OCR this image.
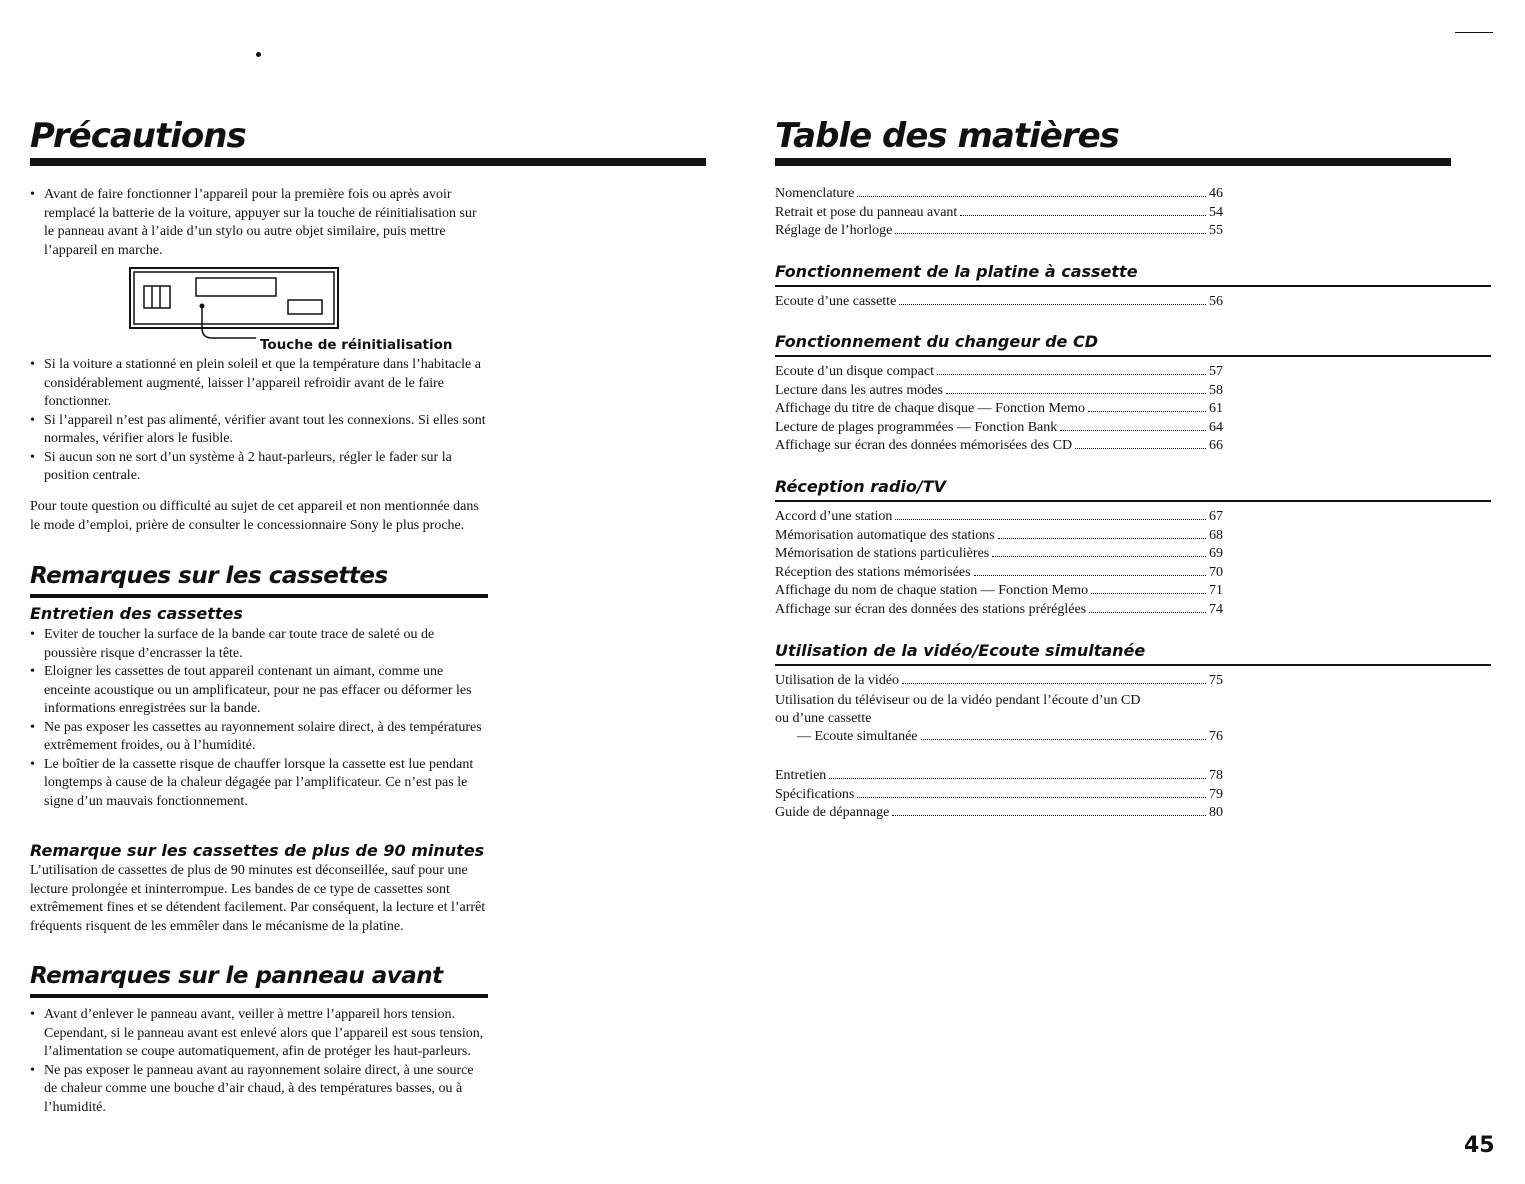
Précautions

• Avant de faire fonctionner l’appareil pour la première fois ou après avoir remplacé la batterie de la voiture, appuyer sur la touche de réinitialisation sur le panneau avant à l’aide d’un stylo ou autre objet similaire, puis mettre l’appareil en marche.

Touche de réinitialisation

• Si la voiture a stationné en plein soleil et que la température dans l’habitacle a considérablement augmenté, laisser l’appareil refroidir avant de le faire fonctionner.

• Si l’appareil n’est pas alimenté, vérifier avant tout les connexions. Si elles sont normales, vérifier alors le fusible.

• Si aucun son ne sort d’un système à 2 haut-parleurs, régler le fader sur la position centrale.

Pour toute question ou difficulté au sujet de cet appareil et non mentionnée dans le mode d’emploi, prière de consulter le concessionnaire Sony le plus proche.

Remarques sur les cassettes
Entretien des cassettes

• Eviter de toucher la surface de la bande car toute trace de saleté ou de poussière risque d’encrasser la tête.

• Eloigner les cassettes de tout appareil contenant un aimant, comme une enceinte acoustique ou un amplificateur, pour ne pas effacer ou déformer les informations enregistrées sur la bande.

• Ne pas exposer les cassettes au rayonnement solaire direct, à des températures extrêmement froides, ou à l’humidité.

• Le boîtier de la cassette risque de chauffer lorsque la cassette est lue pendant longtemps à cause de la chaleur dégagée par l’amplificateur. Ce n’est pas le signe d’un mauvais fonctionnement.

Remarque sur les cassettes de plus de 90 minutes

L’utilisation de cassettes de plus de 90 minutes est déconseillée, sauf pour une lecture prolongée et ininterrompue. Les bandes de ce type de cassettes sont extrêmement fines et se détendent facilement. Par conséquent, la lecture et l’arrêt fréquents risquent de les emmêler dans le mécanisme de la platine.

Remarques sur le panneau avant

• Avant d’enlever le panneau avant, veiller à mettre l’appareil hors tension. Cependant, si le panneau avant est enlevé alors que l’appareil est sous tension, l’alimentation se coupe automatiquement, afin de protéger les haut-parleurs.

• Ne pas exposer le panneau avant au rayonnement solaire direct, à une source de chaleur comme une bouche d’air chaud, à des températures basses, ou à l’humidité.

Table des matières
Nomenclature	46
Retrait et pose du panneau avant	54
Réglage de l’horloge	55
Fonctionnement de la platine à cassette
Ecoute d’une cassette	56
Fonctionnement du changeur de CD
Ecoute d’un disque compact	57
Lecture dans les autres modes	58
Affichage du titre de chaque disque — Fonction Memo	61
Lecture de plages programmées — Fonction Bank	64
Affichage sur écran des données mémorisées des CD	66
Réception radio/TV
Accord d’une station	67
Mémorisation automatique des stations	68
Mémorisation de stations particulières	69
Réception des stations mémorisées	70
Affichage du nom de chaque station — Fonction Memo	71
Affichage sur écran des données des stations préréglées	74
Utilisation de la vidéo/Ecoute simultanée
Utilisation de la vidéo	75

Utilisation du téléviseur ou de la vidéo pendant l’écoute d’un CD

ou d’une cassette

— Ecoute simultanée	76
Entretien	78
Spécifications	79
Guide de dépannage	80
45
